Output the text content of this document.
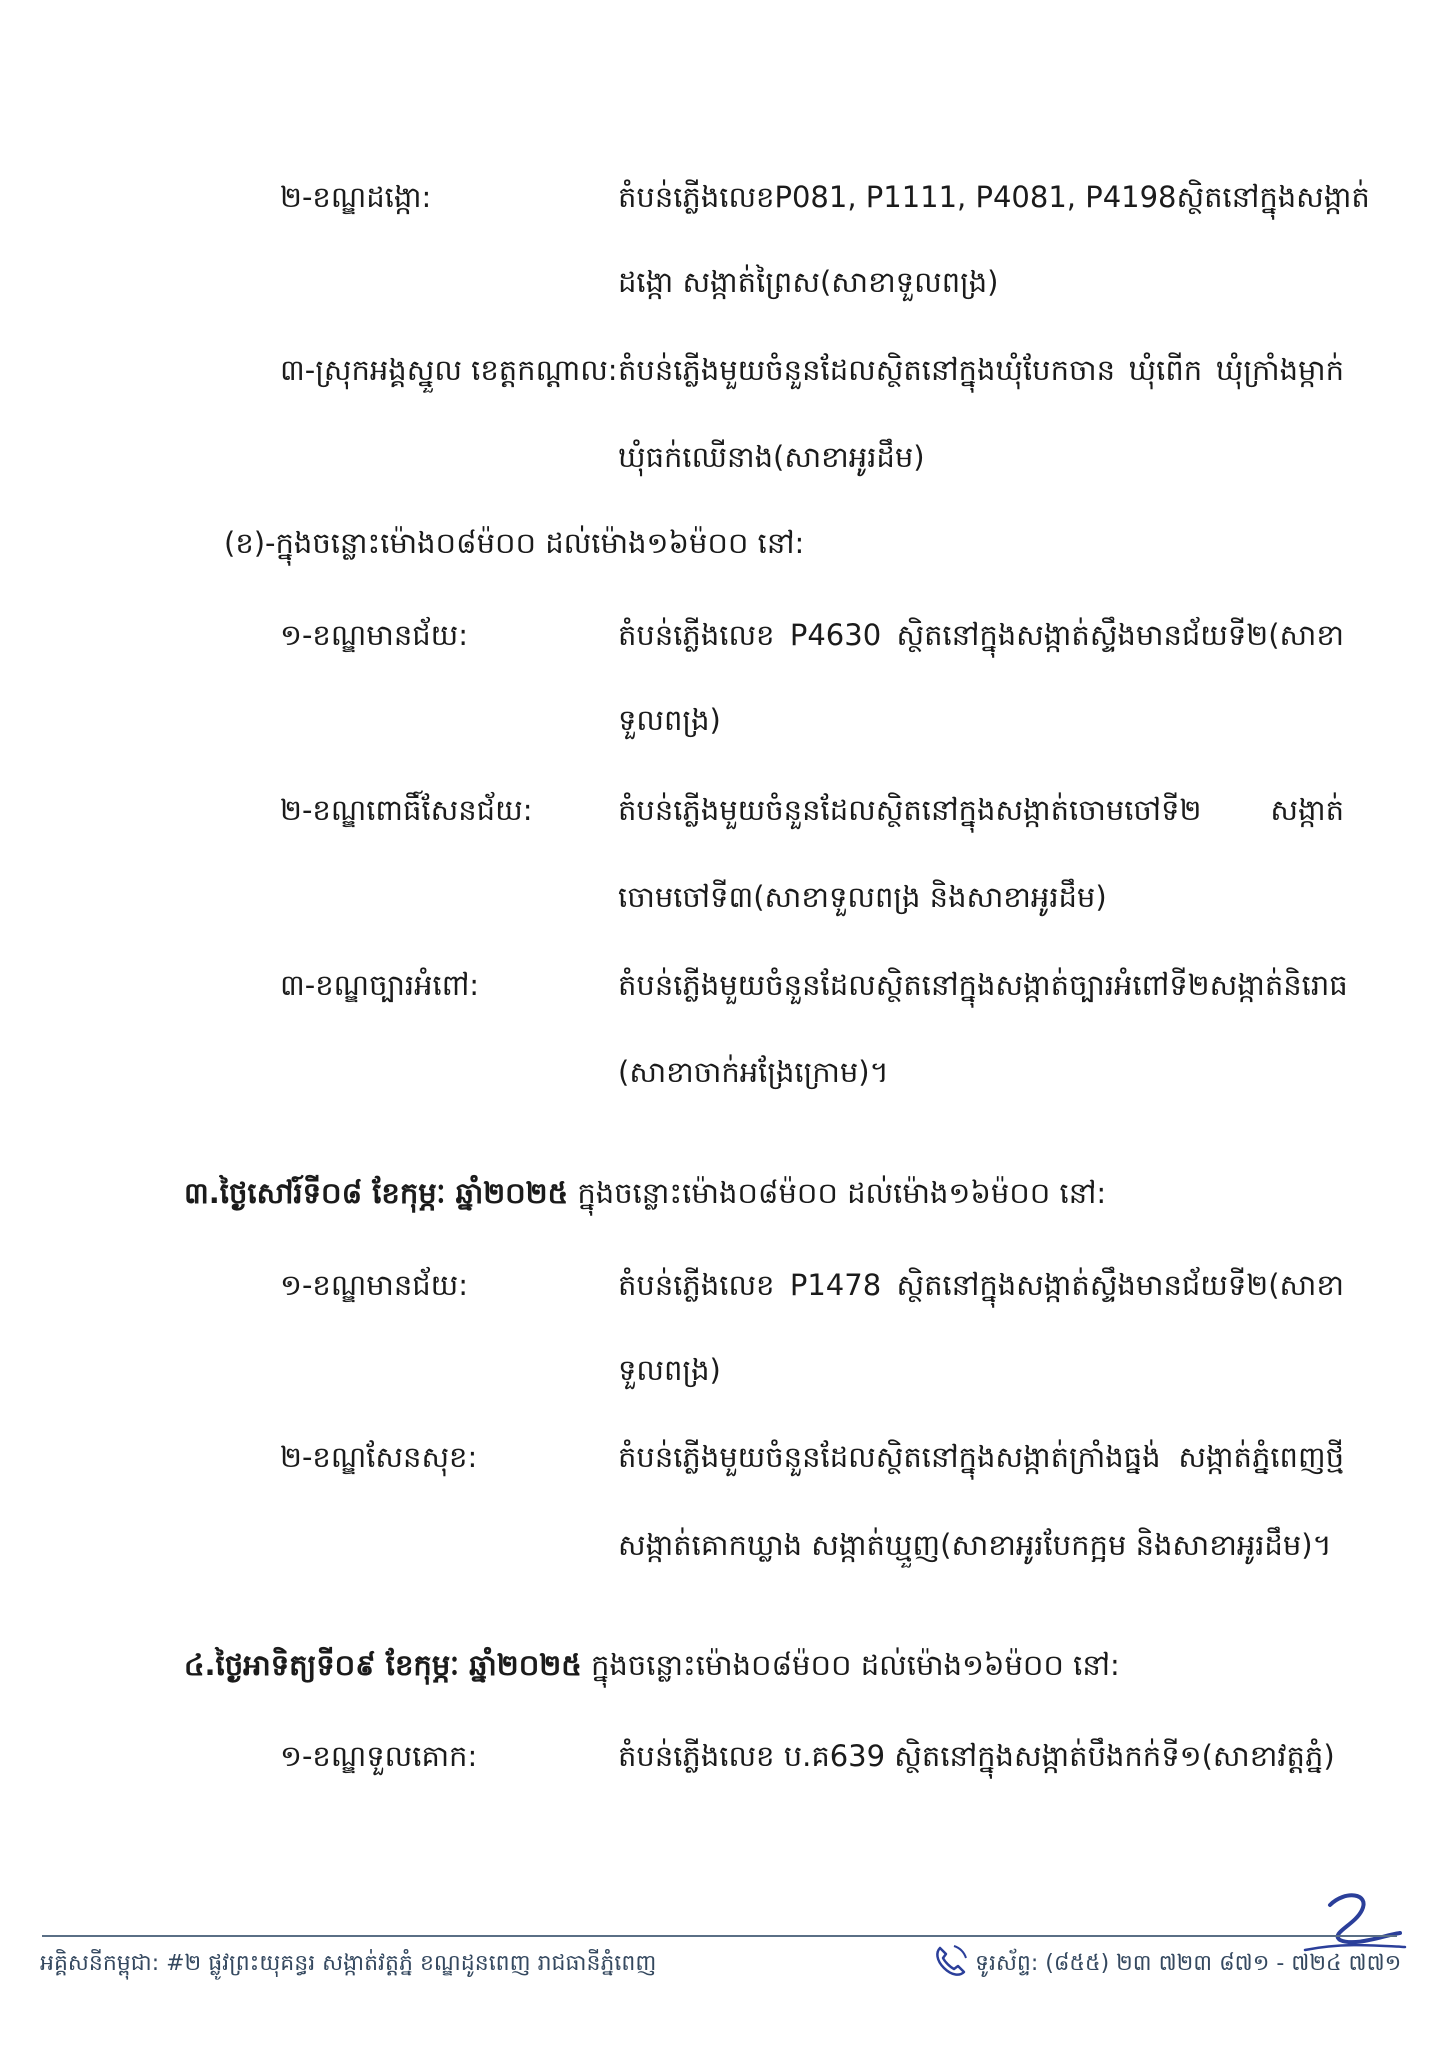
២-ខណ្ឌដង្កោ:	តំបន់ភ្លើងលេខ P081, P1111, P4081, P4198 ស្ថិតនៅក្នុងសង្កាត់
ដង្កោ សង្កាត់ព្រៃស(សាខាទួលពង្រ)
៣-ស្រុកអង្គស្នួល ខេត្តកណ្តាល: តំបន់ភ្លើងមួយចំនួនដែលស្ថិតនៅក្នុងឃុំបែកចាន ឃុំពើក ឃុំក្រាំងម្កាក់
ឃុំធក់ឈើនាង(សាខាអូរដឹម)
(ខ)-ក្នុងចន្លោះម៉ោង០៨ម៉០០ ដល់ម៉ោង១៦ម៉០០ នៅ:
១-ខណ្ឌមានជ័យ:	តំបន់ភ្លើងលេខ P4630 ស្ថិតនៅក្នុងសង្កាត់ស្ទឹងមានជ័យទី២(សាខា
ទួលពង្រ)
២-ខណ្ឌពោធិ៍សែនជ័យ:	តំបន់ភ្លើងមួយចំនួនដែលស្ថិតនៅក្នុងសង្កាត់ចោមចៅទី២ សង្កាត់
ចោមចៅទី៣(សាខាទួលពង្រ និងសាខាអូរដឹម)
៣-ខណ្ឌច្បារអំពៅ:	តំបន់ភ្លើងមួយចំនួនដែលស្ថិតនៅក្នុងសង្កាត់ច្បារអំពៅទី២ សង្កាត់និរោធ
(សាខាចាក់អង្រែក្រោម)។
៣.ថ្ងៃសៅរ៍ទី០៨ ខែកុម្ភៈ ឆ្នាំ២០២៥ ក្នុងចន្លោះម៉ោង០៨ម៉០០ ដល់ម៉ោង១៦ម៉០០ នៅ:
១-ខណ្ឌមានជ័យ:	តំបន់ភ្លើងលេខ P1478 ស្ថិតនៅក្នុងសង្កាត់ស្ទឹងមានជ័យទី២(សាខា
ទួលពង្រ)
២-ខណ្ឌសែនសុខ:	តំបន់ភ្លើងមួយចំនួនដែលស្ថិតនៅក្នុងសង្កាត់ក្រាំងធ្នង់ សង្កាត់ភ្នំពេញថ្មី
សង្កាត់គោកឃ្លាង សង្កាត់ឃ្មួញ(សាខាអូរបែកក្អម និងសាខាអូរដឹម)។
៤.ថ្ងៃអាទិត្យទី០៩ ខែកុម្ភៈ ឆ្នាំ២០២៥ ក្នុងចន្លោះម៉ោង០៨ម៉០០ ដល់ម៉ោង១៦ម៉០០ នៅ:
១-ខណ្ឌទួលគោក:	តំបន់ភ្លើងលេខ ប.គ639 ស្ថិតនៅក្នុងសង្កាត់បឹងកក់ទី១(សាខាវត្តភ្នំ)
អគ្គិសនីកម្ពុជា: #២ ផ្លូវព្រះយុគន្ធរ សង្កាត់វត្តភ្នំ ខណ្ឌដូនពេញ រាជធានីភ្នំពេញ	ទូរស័ព្ទ: (៨៥៥) ២៣ ៧២៣ ៨៧១ - ៧២៤ ៧៧១
